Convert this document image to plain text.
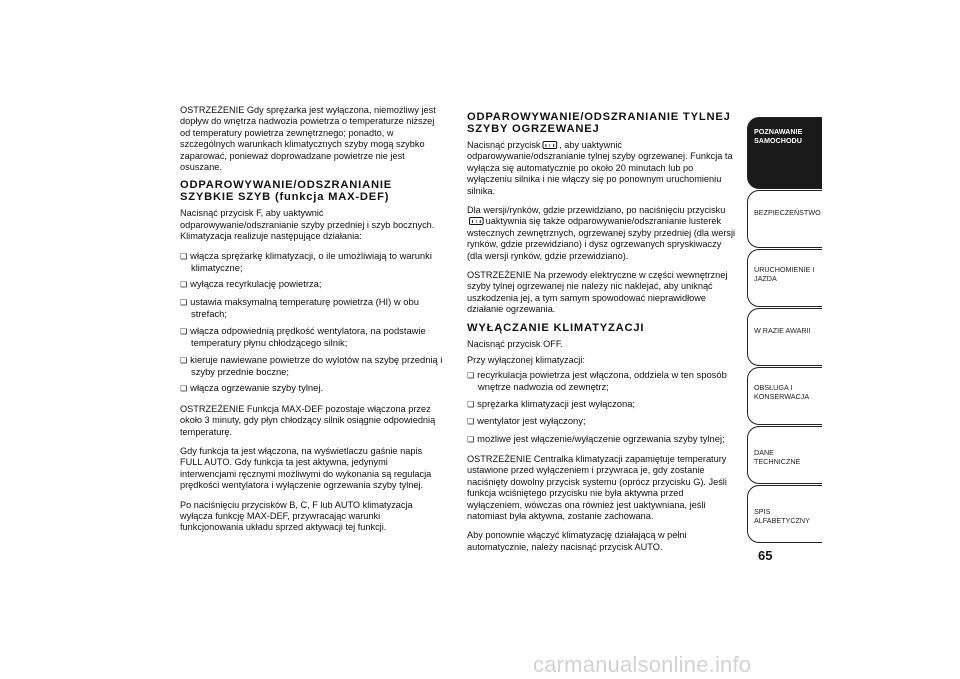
OSTRZEŻENIE Gdy sprężarka jest wyłączona, niemożliwy jest dopływ do wnętrza nadwozia powietrza o temperaturze niższej od temperatury powietrza zewnętrznego; ponadto, w szczególnych warunkach klimatycznych szyby mogą szybko zaparować, ponieważ doprowadzane powietrze nie jest osuszane.

ODPAROWYWANIE/ODSZRANIANIE SZYBKIE SZYB (funkcja MAX-DEF)

Nacisnąć przycisk F, aby uaktywnić odparowywanie/odszranianie szyby przedniej i szyb bocznych. Klimatyzacja realizuje następujące działania:

❏ włącza sprężarkę klimatyzacji, o ile umożliwiają to warunki klimatyczne;
❏ wyłącza recyrkulację powietrza;
❏ ustawia maksymalną temperaturę powietrza (HI) w obu strefach;
❏ włącza odpowiednią prędkość wentylatora, na podstawie temperatury płynu chłodzącego silnik;
❏ kieruje nawiewane powietrze do wylotów na szybę przednią i szyby przednie boczne;
❏ włącza ogrzewanie szyby tylnej.

OSTRZEŻENIE Funkcja MAX-DEF pozostaje włączona przez około 3 minuty, gdy płyn chłodzący silnik osiągnie odpowiednią temperaturę.

Gdy funkcja ta jest włączona, na wyświetlaczu gaśnie napis FULL AUTO. Gdy funkcja ta jest aktywna, jedynymi interwencjami ręcznymi możliwymi do wykonania są regulacja prędkości wentylatora i wyłączenie ogrzewania szyby tylnej.

Po naciśnięciu przycisków B, C, F lub AUTO klimatyzacja wyłącza funkcję MAX-DEF, przywracając warunki funkcjonowania układu sprzed aktywacji tej funkcji.

ODPAROWYWANIE/ODSZRANIANIE TYLNEJ SZYBY OGRZEWANEJ

Nacisnąć przycisk , aby uaktywnić odparowywanie/odszranianie tylnej szyby ogrzewanej. Funkcja ta wyłącza się automatycznie po około 20 minutach lub po wyłączeniu silnika i nie włączy się po ponownym uruchomieniu silnika.

Dla wersji/rynków, gdzie przewidziano, po naciśnięciu przycisku uaktywnia się także odparowywanie/odszranianie lusterek wstecznych zewnętrznych, ogrzewanej szyby przedniej (dla wersji rynków, gdzie przewidziano) i dysz ogrzewanych spryskiwaczy (dla wersji rynków, gdzie przewidziano).

OSTRZEŻENIE Na przewody elektryczne w części wewnętrznej szyby tylnej ogrzewanej nie należy nic naklejać, aby uniknąć uszkodzenia jej, a tym samym spowodować nieprawidłowe działanie ogrzewania.

WYŁĄCZANIE KLIMATYZACJI

Nacisnąć przycisk OFF.

Przy wyłączonej klimatyzacji:

❏ recyrkulacja powietrza jest włączona, oddziela w ten sposób wnętrze nadwozia od zewnętrz;
❏ sprężarka klimatyzacji jest wyłączona;
❏ wentylator jest wyłączony;
❏ możliwe jest włączenie/wyłączenie ogrzewania szyby tylnej;

OSTRZEŻENIE Centralka klimatyzacji zapamiętuje temperatury ustawione przed wyłączeniem i przywraca je, gdy zostanie naciśnięty dowolny przycisk systemu (oprócz przycisku G). Jeśli funkcja wciśniętego przycisku nie była aktywna przed wyłączeniem, wówczas ona również jest uaktywniana, jeśli natomiast była aktywna, zostanie zachowana.

Aby ponownie włączyć klimatyzację działającą w pełni automatycznie, należy nacisnąć przycisk AUTO.

POZNAWANIE SAMOCHODU
BEZPIECZEŃSTWO
URUCHOMIENIE I JAZDA
W RAZIE AWARII
OBSŁUGA I KONSERWACJA
DANE TECHNICZNE
SPIS ALFABETYCZNY
65
carmanualsonline.info
